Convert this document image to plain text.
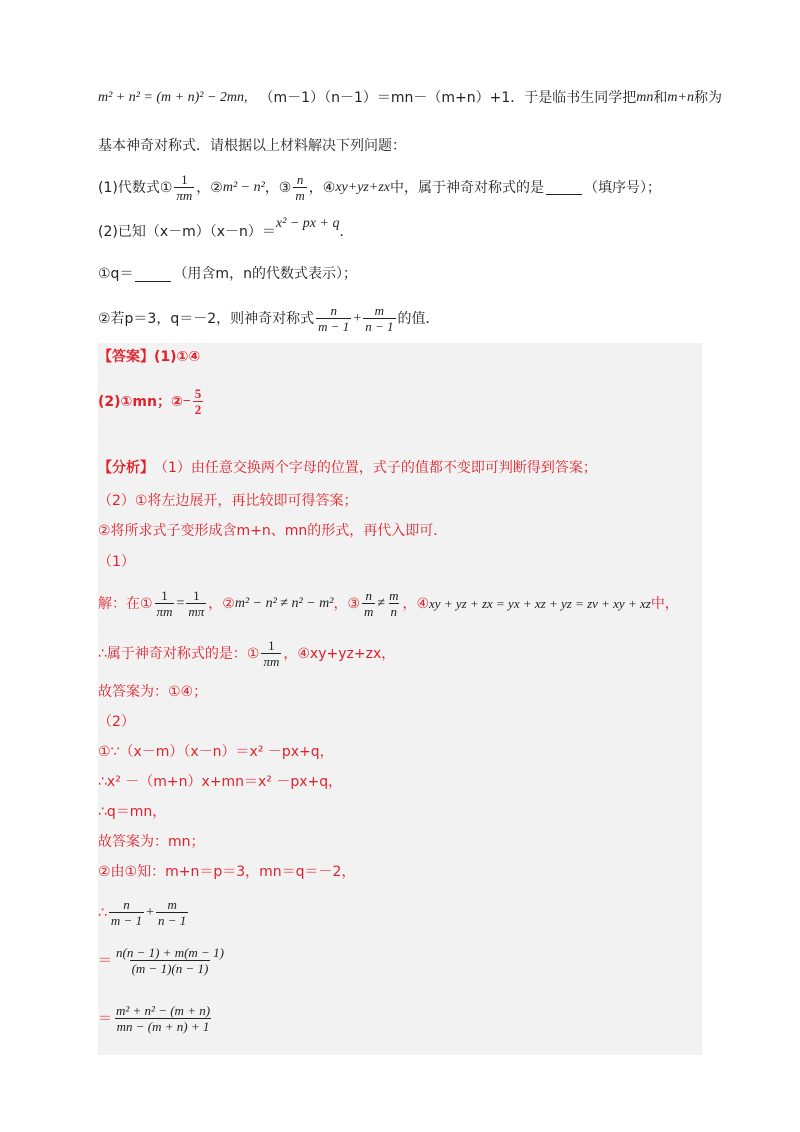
m² + n² = (m + n)² − 2mn, （m－1）（n－1）＝mn－（m+n）+1．于是临书生同学把 mn 和 m+n 称为
基本神奇对称式．请根据以上材料解决下列问题：
(1)代数式① $\frac{1}{\pi m}$ ，② m² − n² ，③ $\frac{n}{m}$ ，④ xy+yz+zx 中，属于神奇对称式的是	（填序号）；
(2)已知（x－m）（x－n）＝
x² − px + q
．
①q＝	（用含m，n的代数式表示）；
②若p＝3，q＝－2，则神奇对称式 $\frac{n}{m - 1} + \frac{m}{n - 1}$ 的值．
【答案】 (1)①④
(2)①mn；② − $\frac{5}{2}$
【分析】 （1）由任意交换两个字母的位置，式子的值都不变即可判断得到答案；
（2）①将左边展开，再比较即可得答案；
②将所求式子变形成含m+n、mn的形式，再代入即可．
（1）
解：在① $\frac{1}{\pi m} = \frac{1}{m\pi}$ ，② m² − n² ≠ n² − m² ，③ $\frac{n}{m} \ne \frac{m}{n}$ ，④ xy + yz + zx = yx + xz + yz = zv + xy + xz 中，
∴属于神奇对称式的是：① $\frac{1}{\pi m}$ ，④xy+yz+zx，
故答案为：①④；
（2）
①∵（x－m）（x－n）＝x² －px+q，
∴x² －（m+n）x+mn＝x² －px+q，
∴q＝mn，
故答案为：mn；
②由①知：m+n＝p＝3，mn＝q＝－2，
∴ $\frac{n}{m - 1} + \frac{m}{n - 1}$
＝ $\frac{n(n - 1) + m(m - 1)}{(m - 1)(n - 1)}$
＝ $\frac{\text{m² + n² − (m + n)}}{mn - (m + n) + 1}$
